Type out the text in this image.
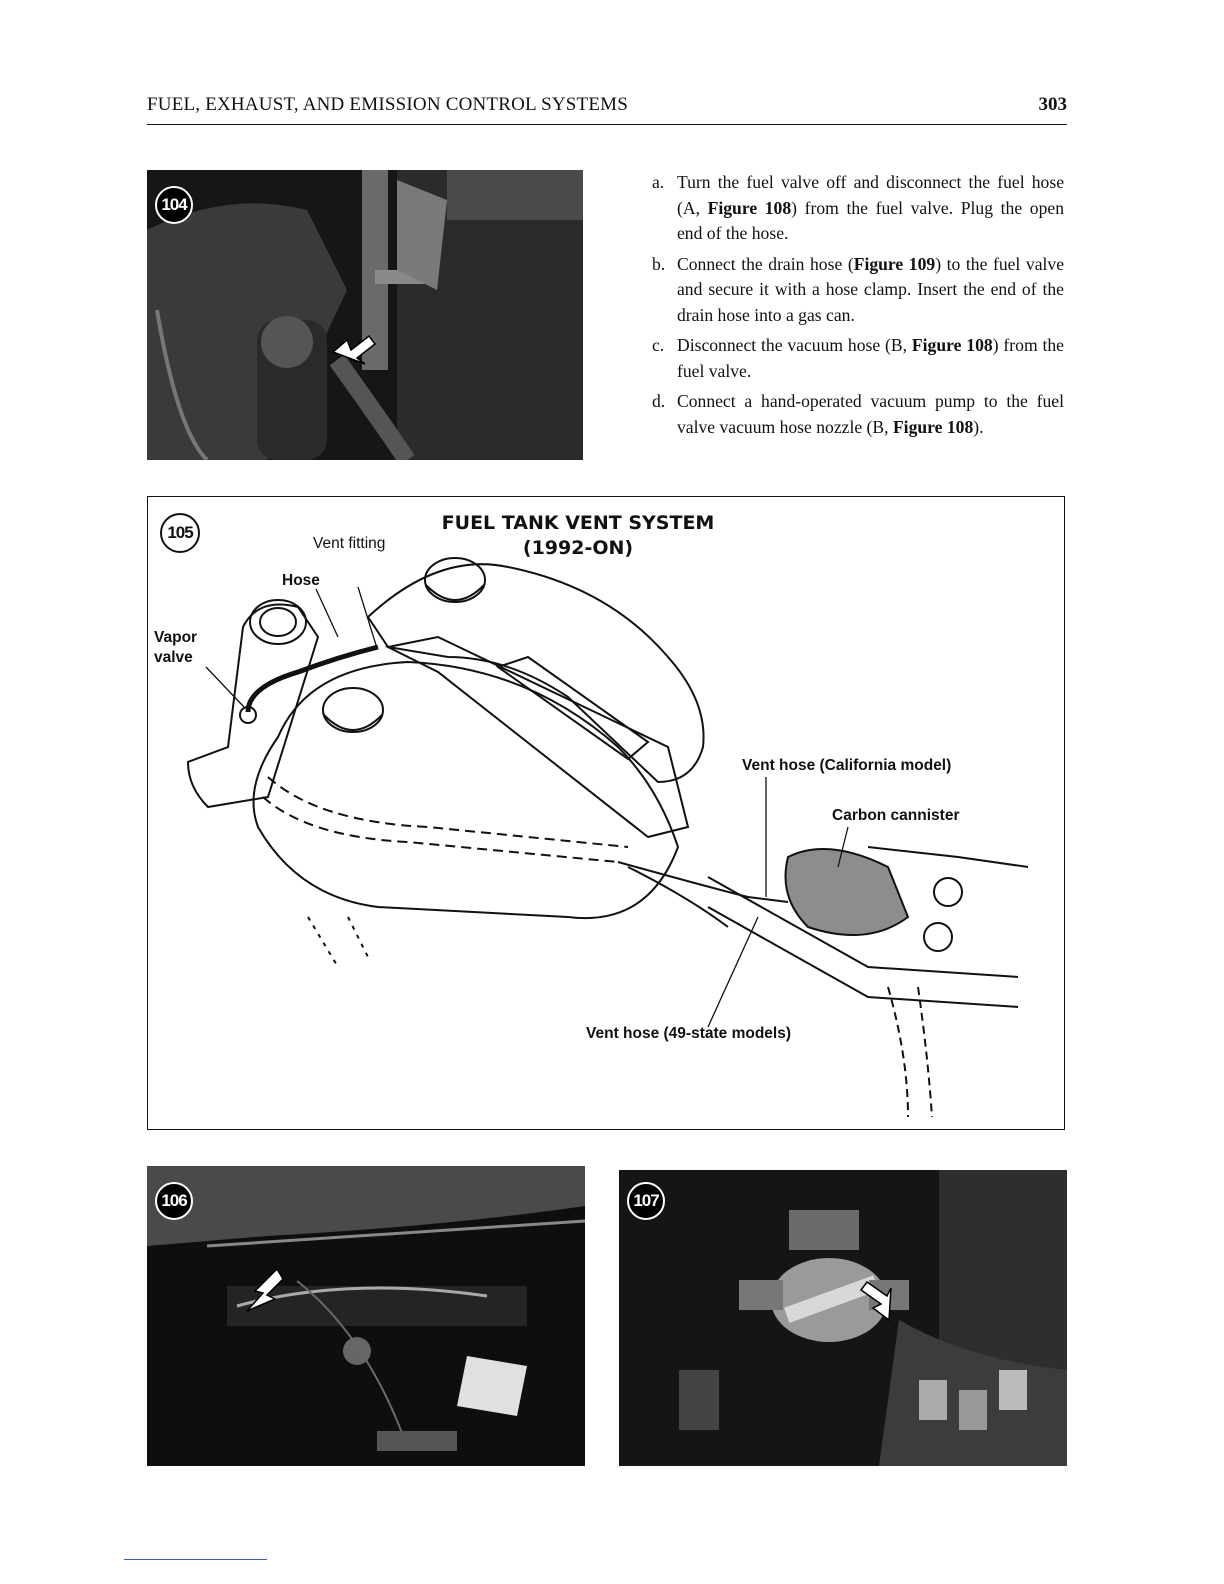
FUEL, EXHAUST, AND EMISSION CONTROL SYSTEMS	303
104
a. Turn the fuel valve off and disconnect the fuel hose (A, Figure 108) from the fuel valve. Plug the open end of the hose.
b. Connect the drain hose (Figure 109) to the fuel valve and secure it with a hose clamp. Insert the end of the drain hose into a gas can.
c. Disconnect the vacuum hose (B, Figure 108) from the fuel valve.
d. Connect a hand-operated vacuum pump to the fuel valve vacuum hose nozzle (B, Figure 108).
105	FUEL TANK VENT SYSTEM
(1992-ON)
Vent fitting
Hose
Vapor
valve
Vent hose (California model)
Carbon cannister
Vent hose (49-state models)
106	107
